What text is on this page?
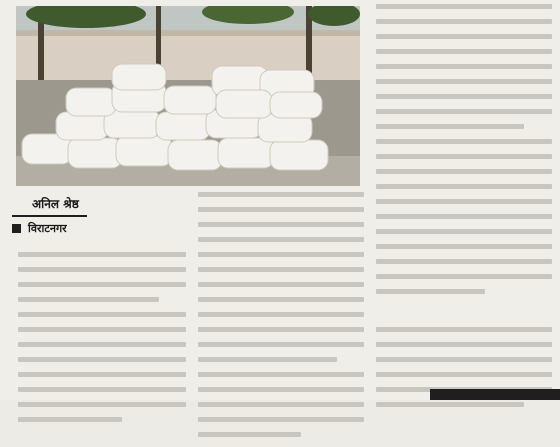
अनिल श्रेष्ठ
विराटनगर
